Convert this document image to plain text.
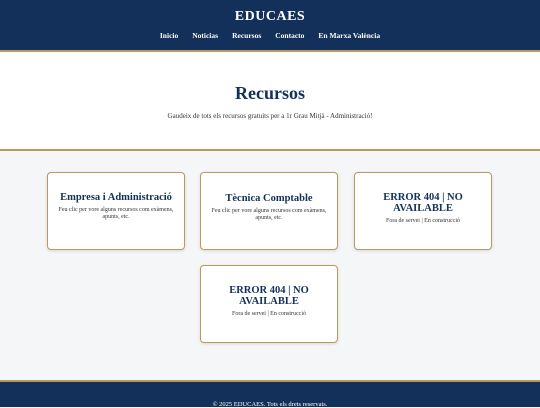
EDUCAES
Inicio Noticias Recursos Contacto En Marxa València
Recursos

Gaudeix de tots els recursos gratuits per a 1r Grau Mitjà - Administració!

Empresa i Administració
Feu clic per vore alguns recursos com exàmens, apunts, etc.
Tècnica Comptable
Feu clic per vore alguns recursos com exàmens, apunts, etc.
ERROR 404 | NO AVAILABLE
Fora de servei | En construcció
ERROR 404 | NO AVAILABLE
Fora de servei | En construcció
© 2025 EDUCAES. Tots els drets reservats.
